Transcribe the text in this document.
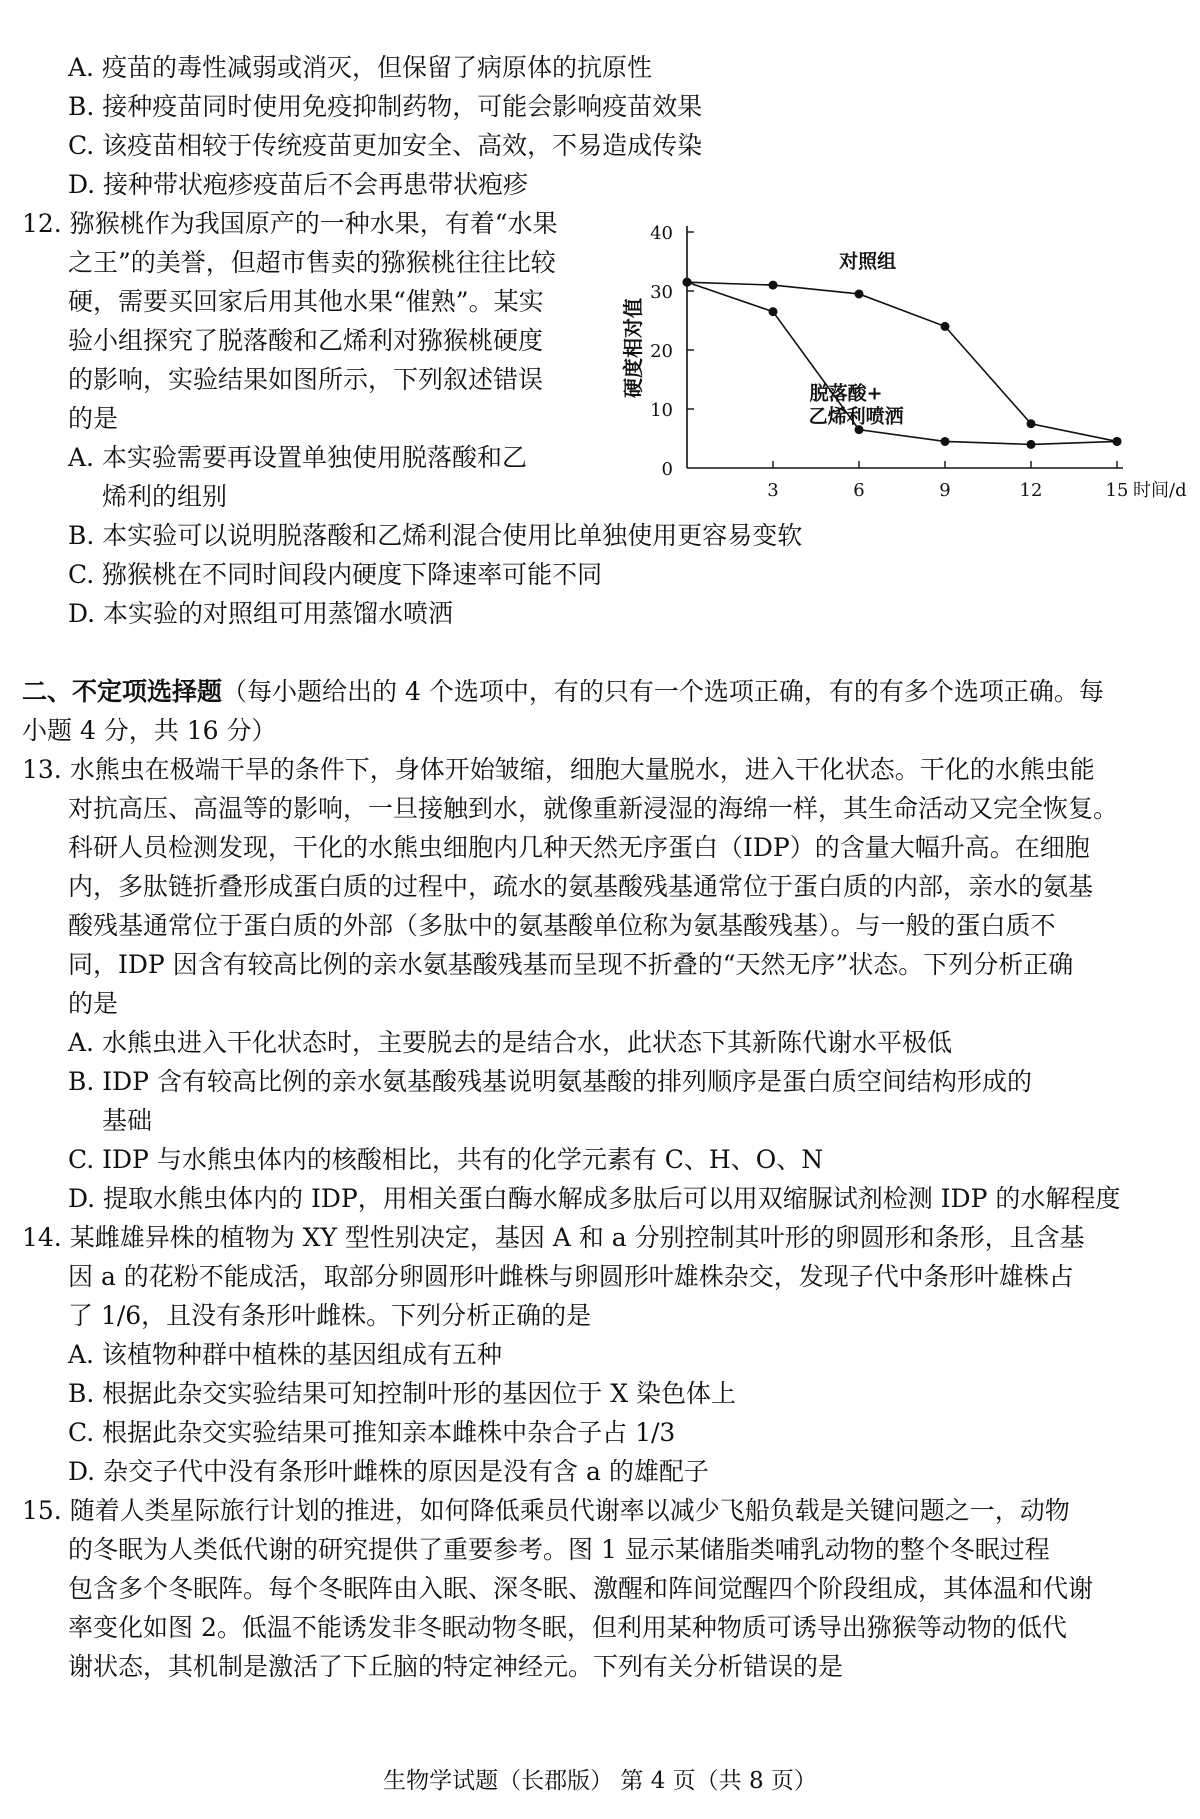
A. 疫苗的毒性减弱或消灭，但保留了病原体的抗原性
B. 接种疫苗同时使用免疫抑制药物，可能会影响疫苗效果
C. 该疫苗相较于传统疫苗更加安全、高效，不易造成传染
D. 接种带状疱疹疫苗后不会再患带状疱疹
12. 猕猴桃作为我国原产的一种水果，有着“水果
之王”的美誉，但超市售卖的猕猴桃往往比较
硬，需要买回家后用其他水果“催熟”。某实
验小组探究了脱落酸和乙烯利对猕猴桃硬度
的影响，实验结果如图所示，下列叙述错误
的是
A. 本实验需要再设置单独使用脱落酸和乙
烯利的组别
B. 本实验可以说明脱落酸和乙烯利混合使用比单独使用更容易变软
C. 猕猴桃在不同时间段内硬度下降速率可能不同
D. 本实验的对照组可用蒸馏水喷洒
0
10
20
30
40
3	6	9	12	15 时间/d
硬度相对值
对照组
脱落酸+
乙烯利喷洒
二、不定项选择题（每小题给出的 4 个选项中，有的只有一个选项正确，有的有多个选项正确。每
小题 4 分，共 16 分）
13. 水熊虫在极端干旱的条件下，身体开始皱缩，细胞大量脱水，进入干化状态。干化的水熊虫能
对抗高压、高温等的影响，一旦接触到水，就像重新浸湿的海绵一样，其生命活动又完全恢复。
科研人员检测发现，干化的水熊虫细胞内几种天然无序蛋白（IDP）的含量大幅升高。在细胞
内，多肽链折叠形成蛋白质的过程中，疏水的氨基酸残基通常位于蛋白质的内部，亲水的氨基
酸残基通常位于蛋白质的外部（多肽中的氨基酸单位称为氨基酸残基）。与一般的蛋白质不
同，IDP 因含有较高比例的亲水氨基酸残基而呈现不折叠的“天然无序”状态。下列分析正确
的是
A. 水熊虫进入干化状态时，主要脱去的是结合水，此状态下其新陈代谢水平极低
B. IDP 含有较高比例的亲水氨基酸残基说明氨基酸的排列顺序是蛋白质空间结构形成的
基础
C. IDP 与水熊虫体内的核酸相比，共有的化学元素有 C、H、O、N
D. 提取水熊虫体内的 IDP，用相关蛋白酶水解成多肽后可以用双缩脲试剂检测 IDP 的水解程度
14. 某雌雄异株的植物为 XY 型性别决定，基因 A 和 a 分别控制其叶形的卵圆形和条形，且含基
因 a 的花粉不能成活，取部分卵圆形叶雌株与卵圆形叶雄株杂交，发现子代中条形叶雄株占
了 1/6，且没有条形叶雌株。下列分析正确的是
A. 该植物种群中植株的基因组成有五种
B. 根据此杂交实验结果可知控制叶形的基因位于 X 染色体上
C. 根据此杂交实验结果可推知亲本雌株中杂合子占 1/3
D. 杂交子代中没有条形叶雌株的原因是没有含 a 的雄配子
15. 随着人类星际旅行计划的推进，如何降低乘员代谢率以减少飞船负载是关键问题之一，动物
的冬眠为人类低代谢的研究提供了重要参考。图 1 显示某储脂类哺乳动物的整个冬眠过程
包含多个冬眠阵。每个冬眠阵由入眠、深冬眠、激醒和阵间觉醒四个阶段组成，其体温和代谢
率变化如图 2。低温不能诱发非冬眠动物冬眠，但利用某种物质可诱导出猕猴等动物的低代
谢状态，其机制是激活了下丘脑的特定神经元。下列有关分析错误的是
生物学试题（长郡版） 第 4 页（共 8 页）
